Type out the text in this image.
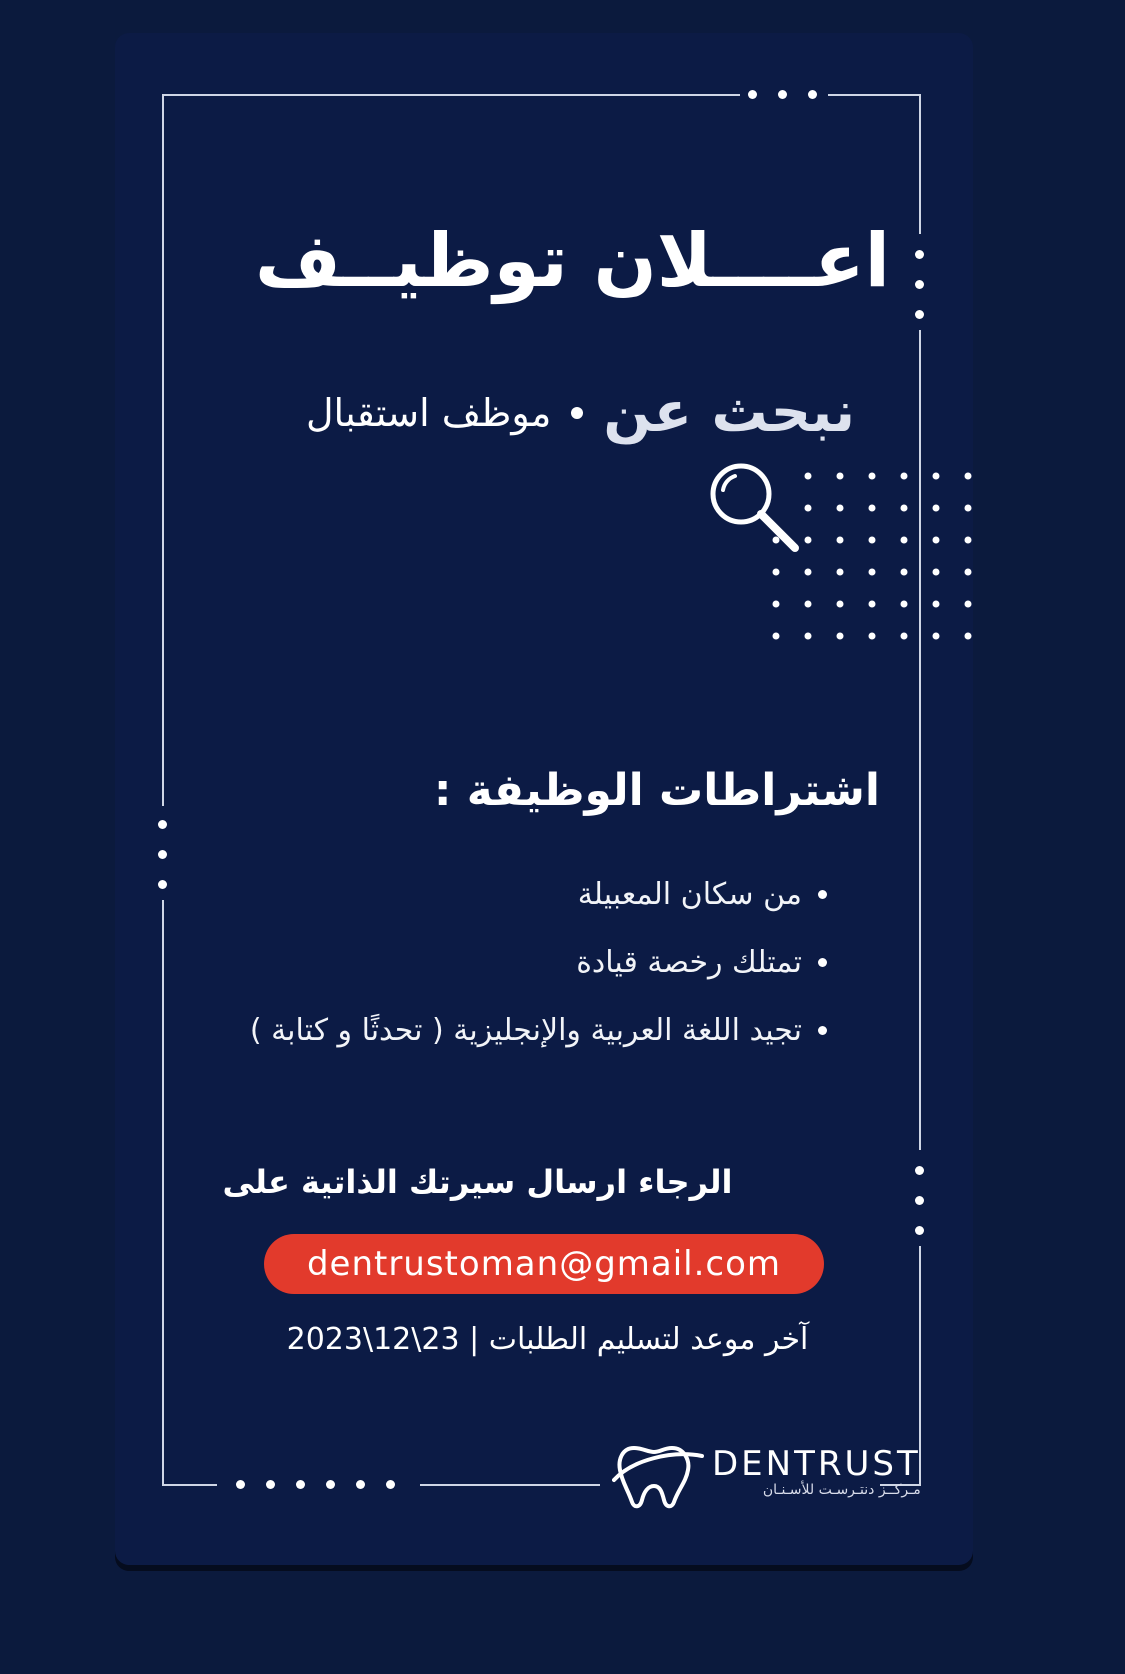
اعــــلان توظيــف
نبحث عن
موظف استقبال
اشتراطات الوظيفة :
من سكان المعبيلة
تمتلك رخصة قيادة
تجيد اللغة العربية والإنجليزية ( تحدثًا و كتابة )
الرجاء ارسال سيرتك الذاتية على
dentrustoman@gmail.com
آخر موعد لتسليم الطلبات | 23\12\2023
DENTRUST
مـركــز دنتـرسـت للأسـنـان
